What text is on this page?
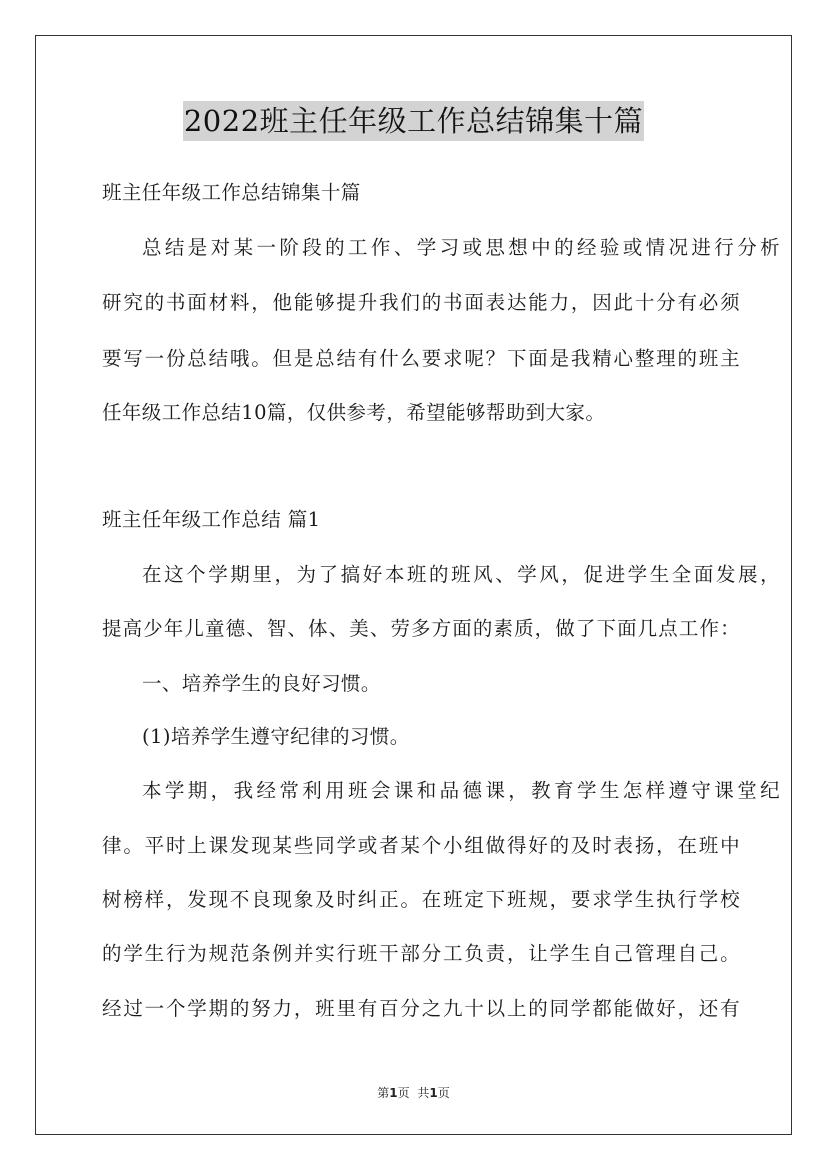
2022班主任年级工作总结锦集十篇
班主任年级工作总结锦集十篇
总结是对某一阶段的工作、学习或思想中的经验或情况进行分析
研究的书面材料，他能够提升我们的书面表达能力，因此十分有必须
要写一份总结哦。但是总结有什么要求呢？下面是我精心整理的班主
任年级工作总结10篇，仅供参考，希望能够帮助到大家。
班主任年级工作总结 篇1
在这个学期里，为了搞好本班的班风、学风，促进学生全面发展，
提高少年儿童德、智、体、美、劳多方面的素质，做了下面几点工作：
一、培养学生的良好习惯。
(1)培养学生遵守纪律的习惯。
本学期，我经常利用班会课和品德课，教育学生怎样遵守课堂纪
律。平时上课发现某些同学或者某个小组做得好的及时表扬，在班中
树榜样，发现不良现象及时纠正。在班定下班规，要求学生执行学校
的学生行为规范条例并实行班干部分工负责，让学生自己管理自己。
经过一个学期的努力，班里有百分之九十以上的同学都能做好，还有
第1页 共1页
